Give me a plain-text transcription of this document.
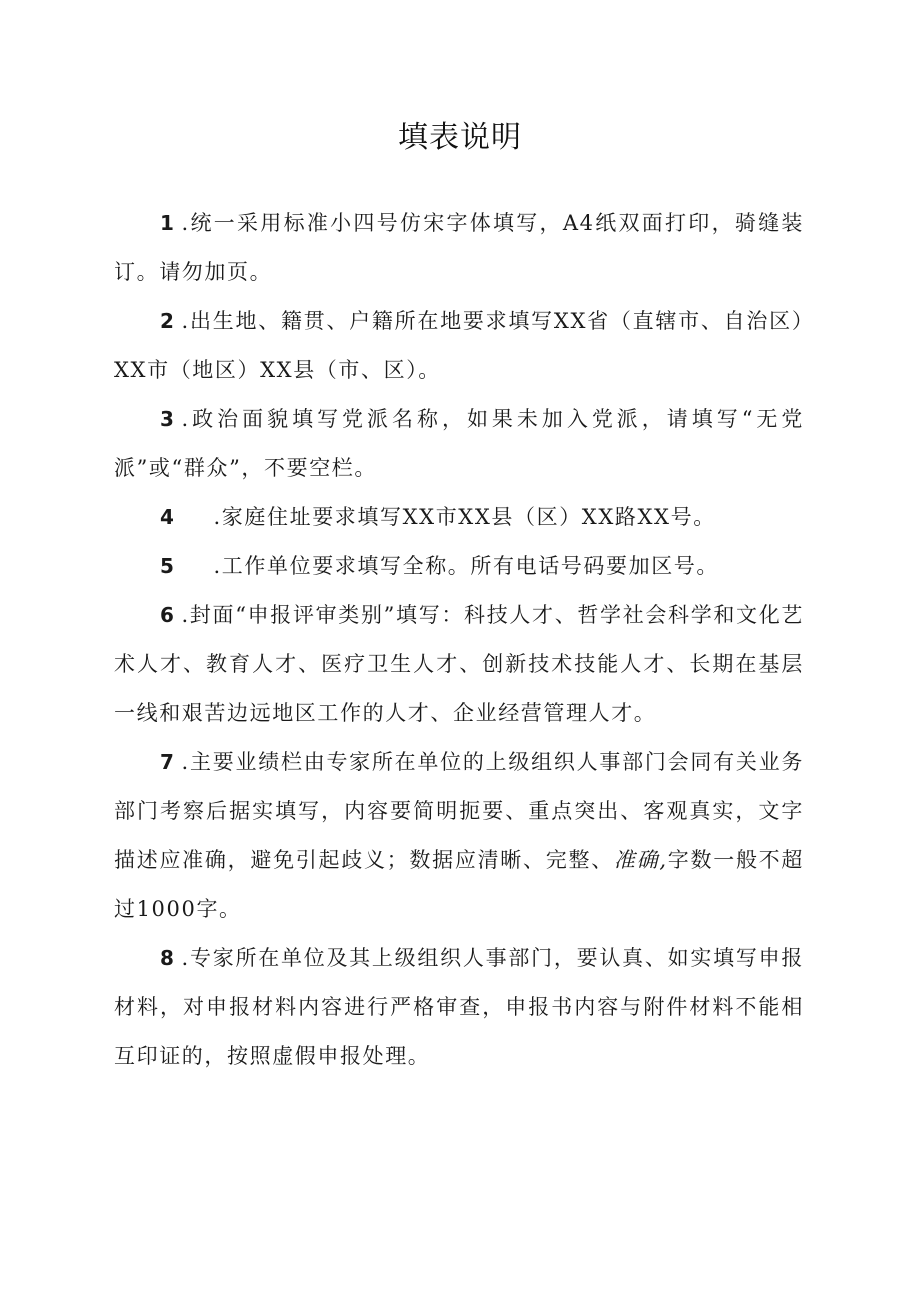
填表说明

1 .统一采用标准小四号仿宋字体填写，A4纸双面打印，骑缝装订。请勿加页。

2 .出生地、籍贯、户籍所在地要求填写XX省（直辖市、自治区）XX市（地区）XX县（市、区）。

3 .政治面貌填写党派名称，如果未加入党派，请填写“无党派”或“群众”，不要空栏。

4 .家庭住址要求填写XX市XX县（区）XX路XX号。

5 .工作单位要求填写全称。所有电话号码要加区号。

6 .封面“申报评审类别”填写：科技人才、哲学社会科学和文化艺术人才、教育人才、医疗卫生人才、创新技术技能人才、长期在基层一线和艰苦边远地区工作的人才、企业经营管理人才。

7 .主要业绩栏由专家所在单位的上级组织人事部门会同有关业务部门考察后据实填写，内容要简明扼要、重点突出、客观真实，文字描述应准确，避免引起歧义；数据应清晰、完整、准确,字数一般不超过1000字。

8 .专家所在单位及其上级组织人事部门，要认真、如实填写申报材料，对申报材料内容进行严格审查，申报书内容与附件材料不能相互印证的，按照虚假申报处理。
